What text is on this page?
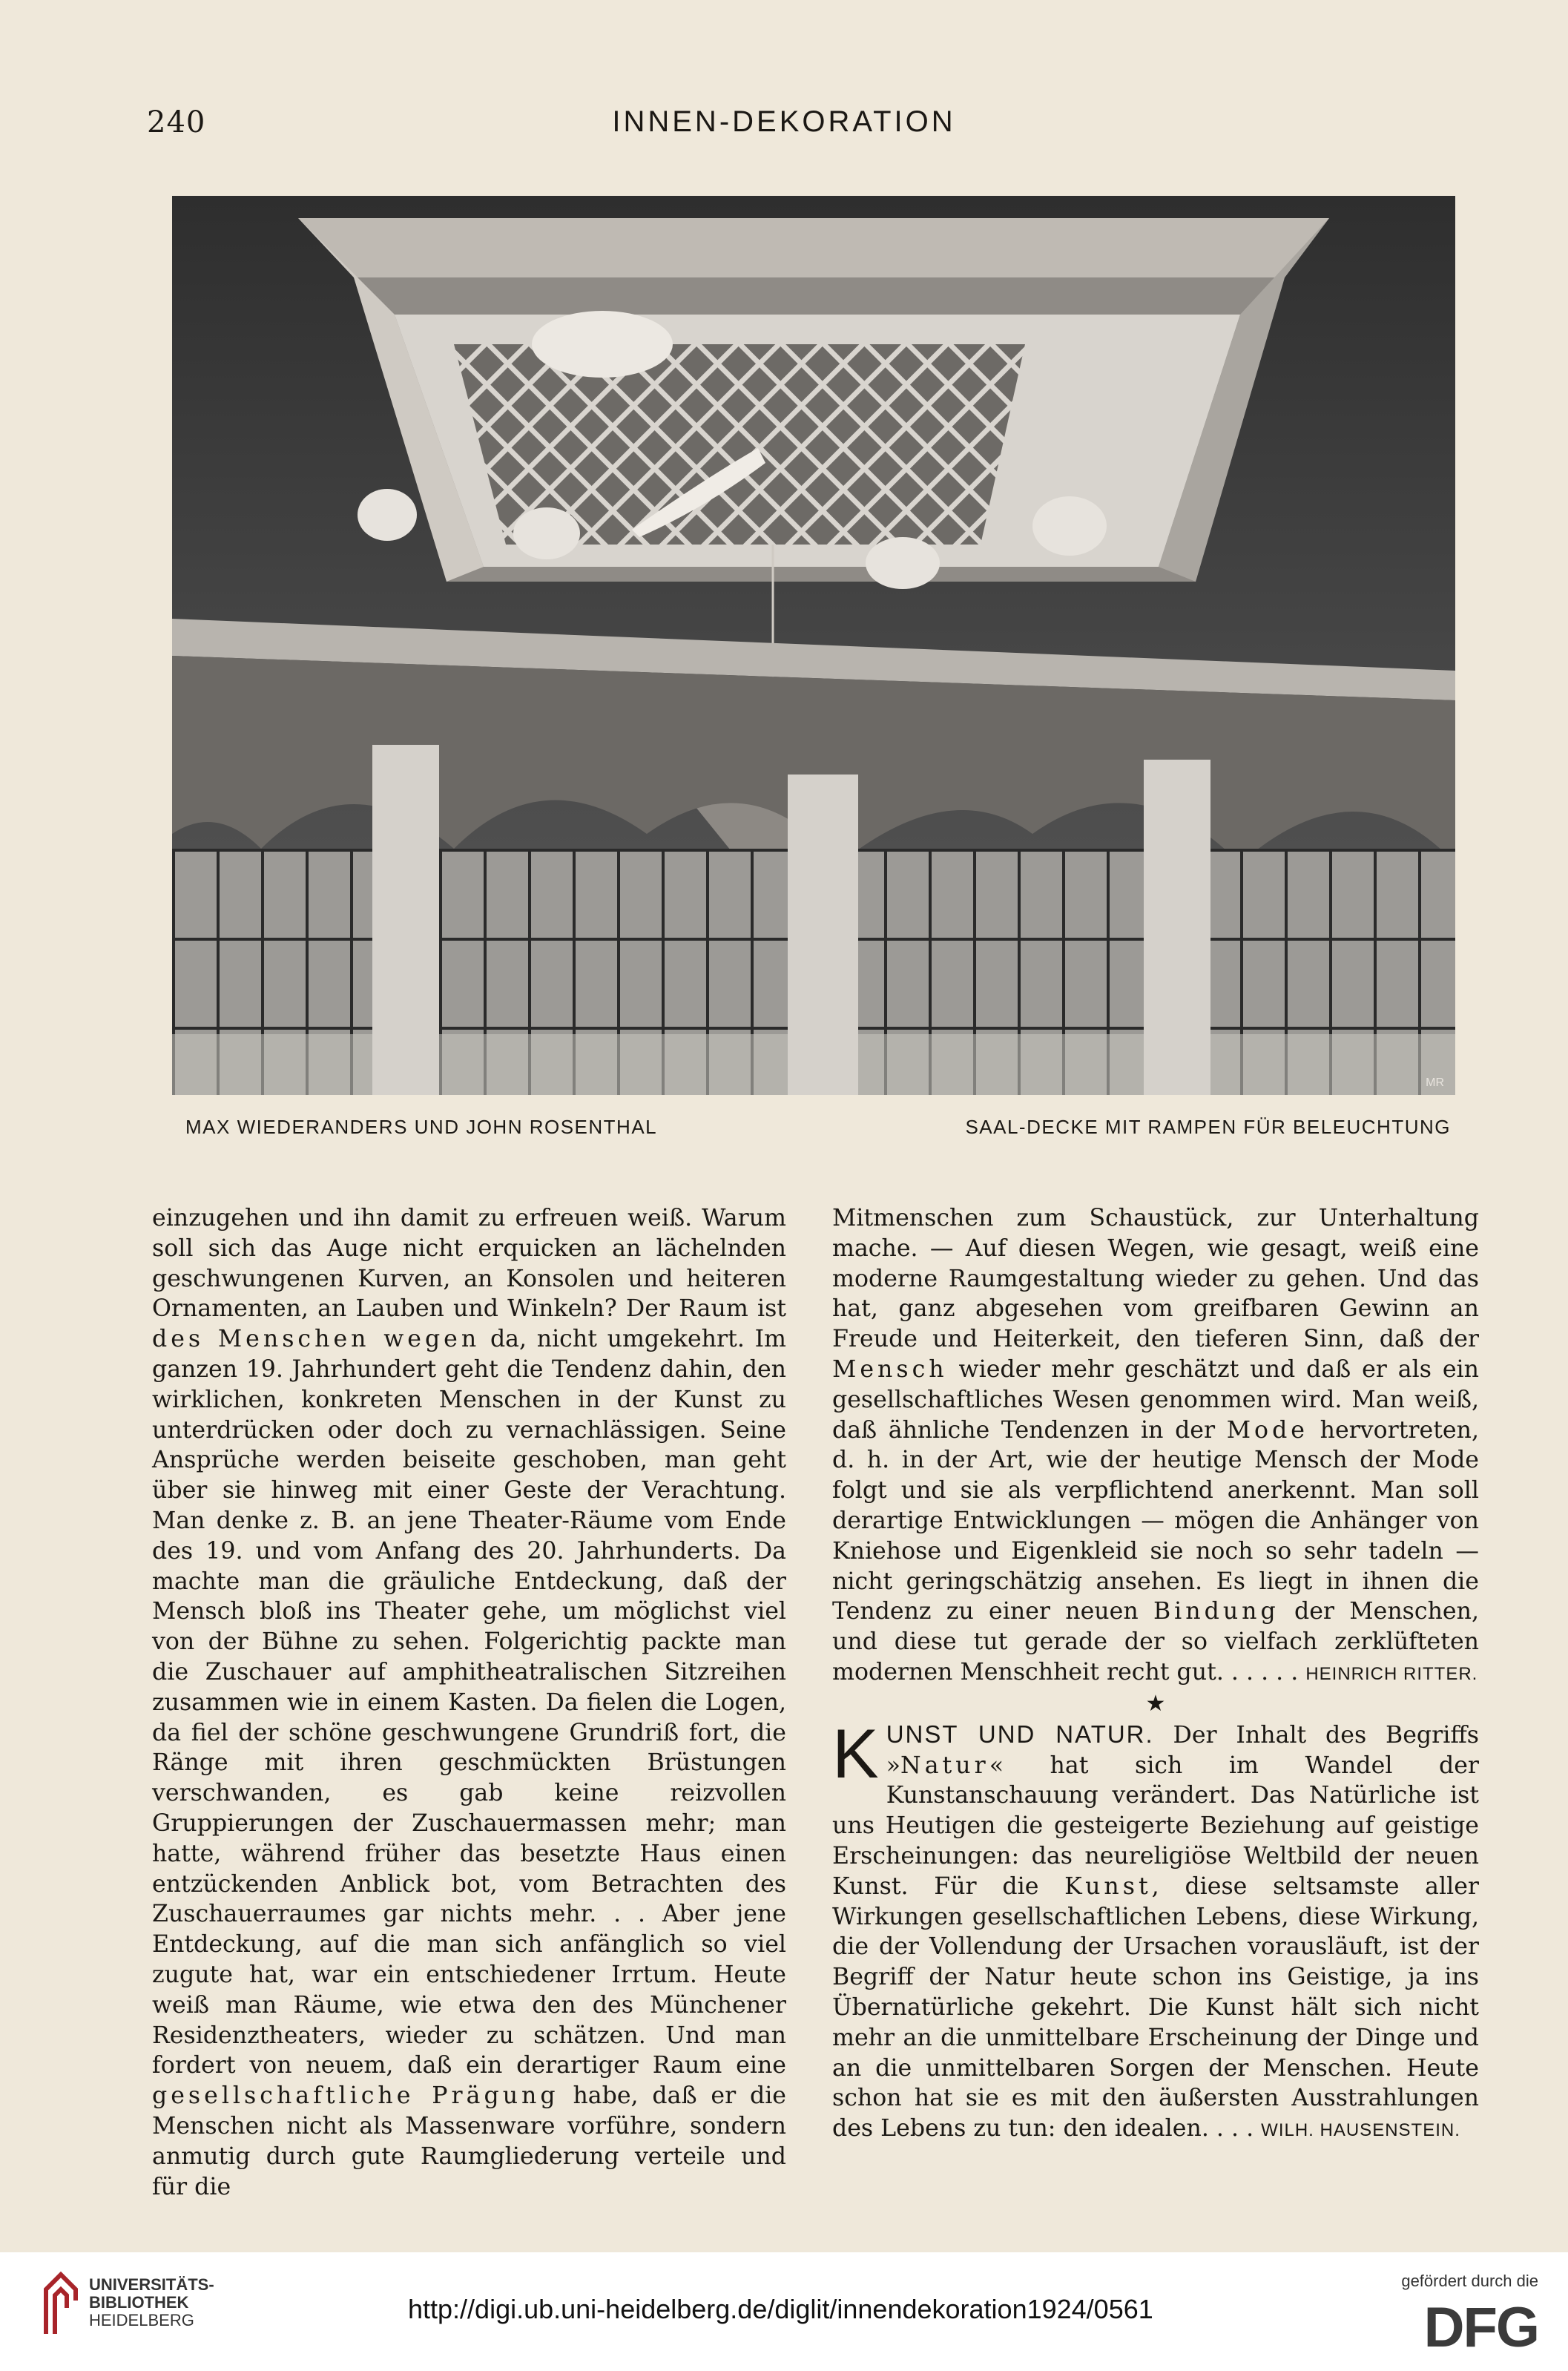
240	INNEN-DEKORATION
MR
MAX WIEDERANDERS UND JOHN ROSENTHAL	SAAL-DECKE MIT RAMPEN FÜR BELEUCHTUNG

einzugehen und ihn damit zu erfreuen weiß. Warum soll sich das Auge nicht erquicken an lächelnden geschwungenen Kurven, an Konsolen und heiteren Ornamenten, an Lauben und Winkeln? Der Raum ist des Menschen wegen da, nicht umgekehrt. Im ganzen 19. Jahrhundert geht die Tendenz dahin, den wirklichen, konkreten Menschen in der Kunst zu unterdrücken oder doch zu vernachlässigen. Seine Ansprüche werden beiseite geschoben, man geht über sie hinweg mit einer Geste der Verachtung. Man denke z. B. an jene Theater-Räume vom Ende des 19. und vom Anfang des 20. Jahrhunderts. Da machte man die gräuliche Entdeckung, daß der Mensch bloß ins Theater gehe, um möglichst viel von der Bühne zu sehen. Folgerichtig packte man die Zuschauer auf amphitheatralischen Sitzreihen zusammen wie in einem Kasten. Da fielen die Logen, da fiel der schöne geschwungene Grundriß fort, die Ränge mit ihren geschmückten Brüstungen verschwanden, es gab keine reizvollen Gruppierungen der Zuschauermassen mehr; man hatte, während früher das besetzte Haus einen entzückenden Anblick bot, vom Betrachten des Zuschauerraumes gar nichts mehr. . . Aber jene Entdeckung, auf die man sich anfänglich so viel zugute hat, war ein entschiedener Irrtum. Heute weiß man Räume, wie etwa den des Münchener Residenztheaters, wieder zu schätzen. Und man fordert von neuem, daß ein derartiger Raum eine gesellschaftliche Prägung habe, daß er die Menschen nicht als Massenware vorführe, sondern anmutig durch gute Raumgliederung verteile und für die

Mitmenschen zum Schaustück, zur Unterhaltung mache. — Auf diesen Wegen, wie gesagt, weiß eine moderne Raumgestaltung wieder zu gehen. Und das hat, ganz abgesehen vom greifbaren Gewinn an Freude und Heiterkeit, den tieferen Sinn, daß der Mensch wieder mehr geschätzt und daß er als ein gesellschaftliches Wesen genommen wird. Man weiß, daß ähnliche Tendenzen in der Mode hervortreten, d. h. in der Art, wie der heutige Mensch der Mode folgt und sie als verpflichtend anerkennt. Man soll derartige Entwicklungen — mögen die Anhänger von Kniehose und Eigenkleid sie noch so sehr tadeln — nicht geringschätzig ansehen. Es liegt in ihnen die Tendenz zu einer neuen Bindung der Menschen, und diese tut gerade der so vielfach zerklüfteten modernen Menschheit recht gut. . . . . . HEINRICH RITTER.

★

K UNST UND NATUR. Der Inhalt des Begriffs »Natur« hat sich im Wandel der Kunstanschauung verändert. Das Natürliche ist uns Heutigen die gesteigerte Beziehung auf geistige Erscheinungen: das neureligiöse Weltbild der neuen Kunst. Für die Kunst, diese seltsamste aller Wirkungen gesellschaftlichen Lebens, diese Wirkung, die der Vollendung der Ursachen vorausläuft, ist der Begriff der Natur heute schon ins Geistige, ja ins Übernatürliche gekehrt. Die Kunst hält sich nicht mehr an die unmittelbare Erscheinung der Dinge und an die unmittelbaren Sorgen der Menschen. Heute schon hat sie es mit den äußersten Ausstrahlungen des Lebens zu tun: den idealen. . . . WILH. HAUSENSTEIN.

UNIVERSITÄTS-
BIBLIOTHEK
HEIDELBERG	http://digi.ub.uni-heidelberg.de/diglit/innendekoration1924/0561
gefördert durch die
DFG
